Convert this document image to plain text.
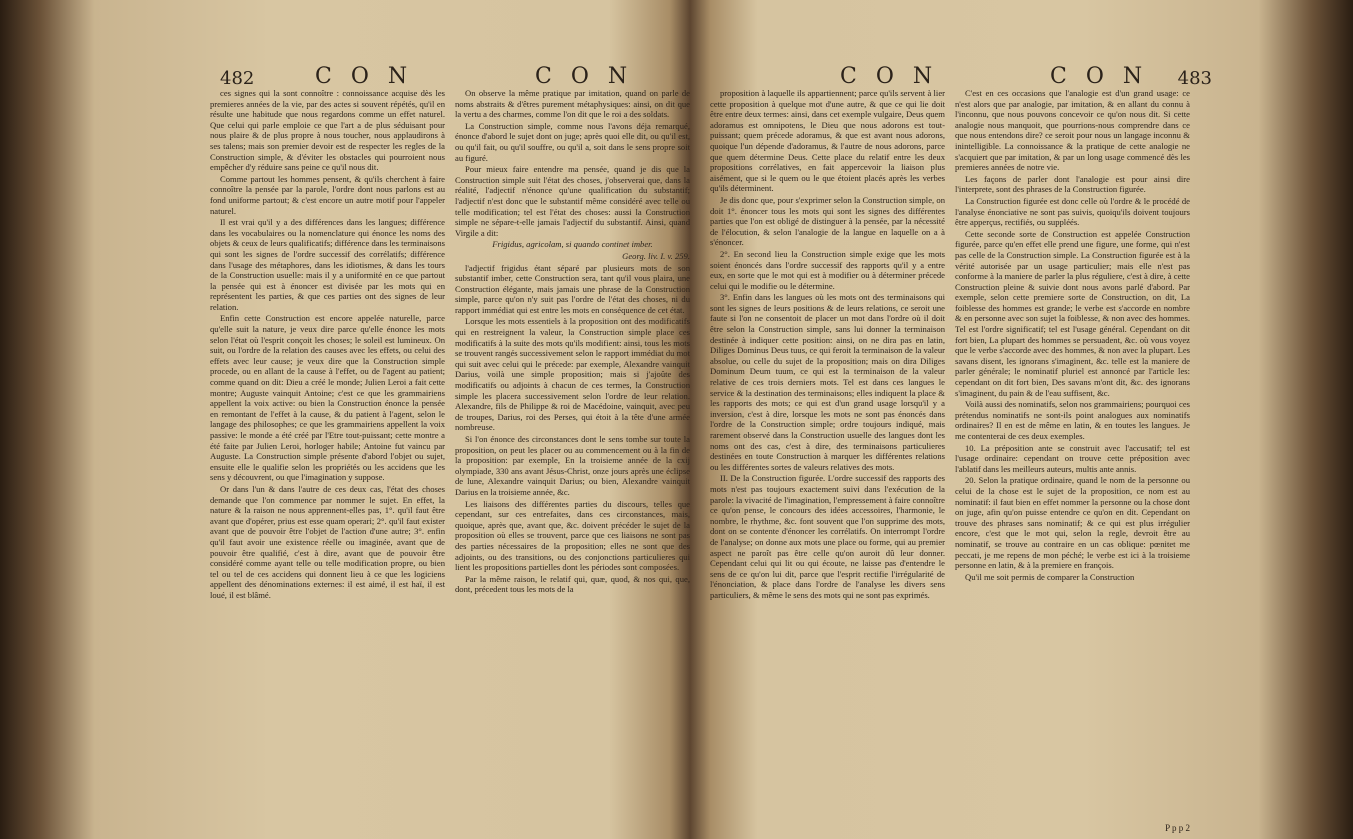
482	C O N	C O N

ces signes qui la sont connoître : connoissance acquise dès les premieres années de la vie, par des actes si souvent répétés, qu'il en résulte une habitude que nous regardons comme un effet naturel. Que celui qui parle emploie ce que l'art a de plus séduisant pour nous plaire & de plus propre à nous toucher, nous applaudirons à ses talens; mais son premier devoir est de respecter les regles de la Construction simple, & d'éviter les obstacles qui pourroient nous empêcher d'y réduire sans peine ce qu'il nous dit.

Comme partout les hommes pensent, & qu'ils cherchent à faire connoître la pensée par la parole, l'ordre dont nous parlons est au fond uniforme partout; & c'est encore un autre motif pour l'appeler naturel.

Il est vrai qu'il y a des différences dans les langues; différence dans les vocabulaires ou la nomenclature qui énonce les noms des objets & ceux de leurs qualificatifs; différence dans les terminaisons qui sont les signes de l'ordre successif des corrélatifs; différence dans l'usage des métaphores, dans les idiotismes, & dans les tours de la Construction usuelle: mais il y a uniformité en ce que partout la pensée qui est à énoncer est divisée par les mots qui en représentent les parties, & que ces parties ont des signes de leur relation.

Enfin cette Construction est encore appelée naturelle, parce qu'elle suit la nature, je veux dire parce qu'elle énonce les mots selon l'état où l'esprit conçoit les choses; le soleil est lumineux. On suit, ou l'ordre de la relation des causes avec les effets, ou celui des effets avec leur cause; je veux dire que la Construction simple procede, ou en allant de la cause à l'effet, ou de l'agent au patient; comme quand on dit: Dieu a créé le monde; Julien Leroi a fait cette montre; Auguste vainquit Antoine; c'est ce que les grammairiens appellent la voix active: ou bien la Construction énonce la pensée en remontant de l'effet à la cause, & du patient à l'agent, selon le langage des philosophes; ce que les grammairiens appellent la voix passive: le monde a été créé par l'Etre tout-puissant; cette montre a été faite par Julien Leroi, horloger habile; Antoine fut vaincu par Auguste. La Construction simple présente d'abord l'objet ou sujet, ensuite elle le qualifie selon les propriétés ou les accidens que les sens y découvrent, ou que l'imagination y suppose.

Or dans l'un & dans l'autre de ces deux cas, l'état des choses demande que l'on commence par nommer le sujet. En effet, la nature & la raison ne nous apprennent-elles pas, 1°. qu'il faut être avant que d'opérer, prius est esse quam operari; 2°. qu'il faut exister avant que de pouvoir être l'objet de l'action d'une autre; 3°. enfin qu'il faut avoir une existence réelle ou imaginée, avant que de pouvoir être qualifié, c'est à dire, avant que de pouvoir être considéré comme ayant telle ou telle modification propre, ou bien tel ou tel de ces accidens qui donnent lieu à ce que les logiciens appellent des dénominations externes: il est aimé, il est haï, il est loué, il est blâmé.

On observe la même pratique par imitation, quand on parle de noms abstraits & d'êtres purement métaphysiques: ainsi, on dit que la vertu a des charmes, comme l'on dit que le roi a des soldats.

La Construction simple, comme nous l'avons déja remarqué, énonce d'abord le sujet dont on juge; après quoi elle dit, ou qu'il est, ou qu'il fait, ou qu'il souffre, ou qu'il a, soit dans le sens propre soit au figuré.

Pour mieux faire entendre ma pensée, quand je dis que la Construction simple suit l'état des choses, j'observerai que, dans la réalité, l'adjectif n'énonce qu'une qualification du substantif; l'adjectif n'est donc que le substantif même considéré avec telle ou telle modification; tel est l'état des choses: aussi la Construction simple ne sépare-t-elle jamais l'adjectif du substantif. Ainsi, quand Virgile a dit:

Frigidus, agricolam, si quando continet imber.

Georg. liv. I. v. 259.

l'adjectif frigidus étant séparé par plusieurs mots de son substantif imber, cette Construction sera, tant qu'il vous plaira, une Construction élégante, mais jamais une phrase de la Construction simple, parce qu'on n'y suit pas l'ordre de l'état des choses, ni du rapport immédiat qui est entre les mots en conséquence de cet état.

Lorsque les mots essentiels à la proposition ont des modificatifs qui en restreignent la valeur, la Construction simple place ces modificatifs à la suite des mots qu'ils modifient: ainsi, tous les mots se trouvent rangés successivement selon le rapport immédiat du mot qui suit avec celui qui le précede: par exemple, Alexandre vainquit Darius, voilà une simple proposition; mais si j'ajoûte des modificatifs ou adjoints à chacun de ces termes, la Construction simple les placera successivement selon l'ordre de leur relation. Alexandre, fils de Philippe & roi de Macédoine, vainquit, avec peu de troupes, Darius, roi des Perses, qui étoit à la tête d'une armée nombreuse.

Si l'on énonce des circonstances dont le sens tombe sur toute la proposition, on peut les placer ou au commencement ou à la fin de la proposition: par exemple, En la troisieme année de la cxij olympiade, 330 ans avant Jésus-Christ, onze jours après une éclipse de lune, Alexandre vainquit Darius; ou bien, Alexandre vainquit Darius en la troisieme année, &c.

Les liaisons des différentes parties du discours, telles que cependant, sur ces entrefaites, dans ces circonstances, mais, quoique, après que, avant que, &c. doivent précéder le sujet de la proposition où elles se trouvent, parce que ces liaisons ne sont pas des parties nécessaires de la proposition; elles ne sont que des adjoints, ou des transitions, ou des conjonctions particulieres qui lient les propositions partielles dont les périodes sont composées.

Par la même raison, le relatif qui, quæ, quod, & nos qui, que, dont, précedent tous les mots de la

C O N	C O N 483

proposition à laquelle ils appartiennent; parce qu'ils servent à lier cette proposition à quelque mot d'une autre, & que ce qui lie doit être entre deux termes: ainsi, dans cet exemple vulgaire, Deus quem adoramus est omnipotens, le Dieu que nous adorons est tout-puissant; quem précede adoramus, & que est avant nous adorons, quoique l'un dépende d'adoramus, & l'autre de nous adorons, parce que quem détermine Deus. Cette place du relatif entre les deux propositions corrélatives, en fait appercevoir la liaison plus aisément, que si le quem ou le que étoient placés après les verbes qu'ils déterminent.

Je dis donc que, pour s'exprimer selon la Construction simple, on doit 1°. énoncer tous les mots qui sont les signes des différentes parties que l'on est obligé de distinguer à la pensée, par la nécessité de l'élocution, & selon l'analogie de la langue en laquelle on a à s'énoncer.

2°. En second lieu la Construction simple exige que les mots soient énoncés dans l'ordre successif des rapports qu'il y a entre eux, en sorte que le mot qui est à modifier ou à déterminer précede celui qui le modifie ou le détermine.

3°. Enfin dans les langues où les mots ont des terminaisons qui sont les signes de leurs positions & de leurs relations, ce seroit une faute si l'on ne consentoit de placer un mot dans l'ordre où il doit être selon la Construction simple, sans lui donner la terminaison destinée à indiquer cette position: ainsi, on ne dira pas en latin, Diliges Dominus Deus tuus, ce qui feroit la terminaison de la valeur absolue, ou celle du sujet de la proposition; mais on dira Diliges Dominum Deum tuum, ce qui est la terminaison de la valeur relative de ces trois derniers mots. Tel est dans ces langues le service & la destination des terminaisons; elles indiquent la place & les rapports des mots; ce qui est d'un grand usage lorsqu'il y a inversion, c'est à dire, lorsque les mots ne sont pas énoncés dans l'ordre de la Construction simple; ordre toujours indiqué, mais rarement observé dans la Construction usuelle des langues dont les noms ont des cas, c'est à dire, des terminaisons particulieres destinées en toute Construction à marquer les différentes relations ou les différentes sortes de valeurs relatives des mots.

II. De la Construction figurée. L'ordre successif des rapports des mots n'est pas toujours exactement suivi dans l'exécution de la parole: la vivacité de l'imagination, l'empressement à faire connoître ce qu'on pense, le concours des idées accessoires, l'harmonie, le nombre, le rhythme, &c. font souvent que l'on supprime des mots, dont on se contente d'énoncer les corrélatifs. On interrompt l'ordre de l'analyse; on donne aux mots une place ou forme, qui au premier aspect ne paroît pas être celle qu'on auroit dû leur donner. Cependant celui qui lit ou qui écoute, ne laisse pas d'entendre le sens de ce qu'on lui dit, parce que l'esprit rectifie l'irrégularité de l'énonciation, & place dans l'ordre de l'analyse les divers sens particuliers, & même le sens des mots qui ne sont pas exprimés.

C'est en ces occasions que l'analogie est d'un grand usage: ce n'est alors que par analogie, par imitation, & en allant du connu à l'inconnu, que nous pouvons concevoir ce qu'on nous dit. Si cette analogie nous manquoit, que pourrions-nous comprendre dans ce que nous entendons dire? ce seroit pour nous un langage inconnu & inintelligible. La connoissance & la pratique de cette analogie ne s'acquiert que par imitation, & par un long usage commencé dès les premieres années de notre vie.

Les façons de parler dont l'analogie est pour ainsi dire l'interprete, sont des phrases de la Construction figurée.

La Construction figurée est donc celle où l'ordre & le procédé de l'analyse énonciative ne sont pas suivis, quoiqu'ils doivent toujours être apperçus, rectifiés, ou suppléés.

Cette seconde sorte de Construction est appelée Construction figurée, parce qu'en effet elle prend une figure, une forme, qui n'est pas celle de la Construction simple. La Construction figurée est à la vérité autorisée par un usage particulier; mais elle n'est pas conforme à la maniere de parler la plus réguliere, c'est à dire, à cette Construction pleine & suivie dont nous avons parlé d'abord. Par exemple, selon cette premiere sorte de Construction, on dit, La foiblesse des hommes est grande; le verbe est s'accorde en nombre & en personne avec son sujet la foiblesse, & non avec des hommes. Tel est l'ordre significatif; tel est l'usage général. Cependant on dit fort bien, La plupart des hommes se persuadent, &c. où vous voyez que le verbe s'accorde avec des hommes, & non avec la plupart. Les savans disent, les ignorans s'imaginent, &c. telle est la maniere de parler générale; le nominatif pluriel est annoncé par l'article les: cependant on dit fort bien, Des savans m'ont dit, &c. des ignorans s'imaginent, du pain & de l'eau suffisent, &c.

Voilà aussi des nominatifs, selon nos grammairiens; pourquoi ces prétendus nominatifs ne sont-ils point analogues aux nominatifs ordinaires? Il en est de même en latin, & en toutes les langues. Je me contenterai de ces deux exemples.

10. La préposition ante se construit avec l'accusatif; tel est l'usage ordinaire: cependant on trouve cette préposition avec l'ablatif dans les meilleurs auteurs, multis ante annis.

20. Selon la pratique ordinaire, quand le nom de la personne ou celui de la chose est le sujet de la proposition, ce nom est au nominatif: il faut bien en effet nommer la personne ou la chose dont on juge, afin qu'on puisse entendre ce qu'on en dit. Cependant on trouve des phrases sans nominatif; & ce qui est plus irrégulier encore, c'est que le mot qui, selon la regle, devroit être au nominatif, se trouve au contraire en un cas oblique: pœnitet me peccati, je me repens de mon péché; le verbe est ici à la troisieme personne en latin, & à la premiere en françois.

Qu'il me soit permis de comparer la Construction

P p p 2
